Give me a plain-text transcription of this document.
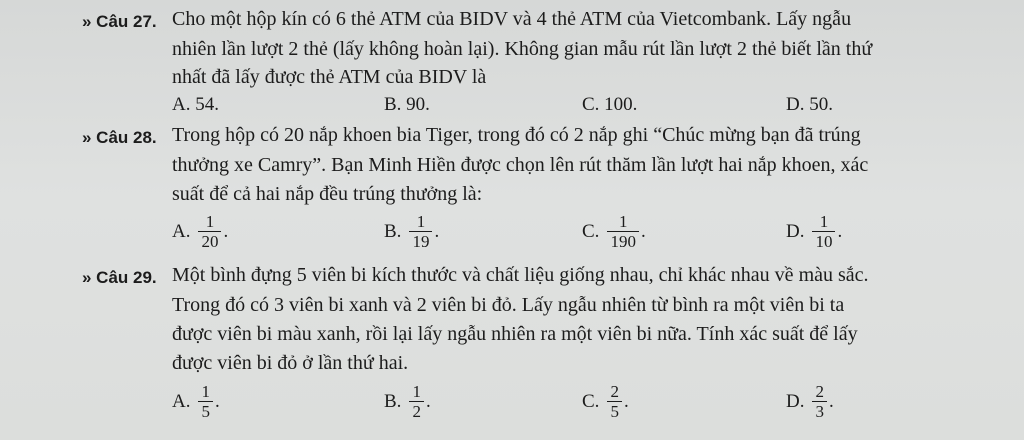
» Câu 27. Cho một hộp kín có 6 thẻ ATM của BIDV và 4 thẻ ATM của Vietcombank. Lấy ngẫu
nhiên lần lượt 2 thẻ (lấy không hoàn lại). Không gian mẫu rút lần lượt 2 thẻ biết lần thứ
nhất đã lấy được thẻ ATM của BIDV là
A. 54.	B. 90.	C. 100.	D. 50.
» Câu 28. Trong hộp có 20 nắp khoen bia Tiger, trong đó có 2 nắp ghi “Chúc mừng bạn đã trúng
thưởng xe Camry”. Bạn Minh Hiền được chọn lên rút thăm lần lượt hai nắp khoen, xác
suất để cả hai nắp đều trúng thưởng là:
A. $\frac{1}{20}$ .	B. $\frac{1}{19}$ .	C. $\frac{1}{190}$ .	D. $\frac{1}{10}$ .
» Câu 29. Một bình đựng 5 viên bi kích thước và chất liệu giống nhau, chỉ khác nhau về màu sắc.
Trong đó có 3 viên bi xanh và 2 viên bi đỏ. Lấy ngẫu nhiên từ bình ra một viên bi ta
được viên bi màu xanh, rồi lại lấy ngẫu nhiên ra một viên bi nữa. Tính xác suất để lấy
được viên bi đỏ ở lần thứ hai.
A. $\frac{1}{5}$ .	B. $\frac{1}{2}$ .	C. $\frac{2}{5}$ .	D. $\frac{2}{3}$ .
